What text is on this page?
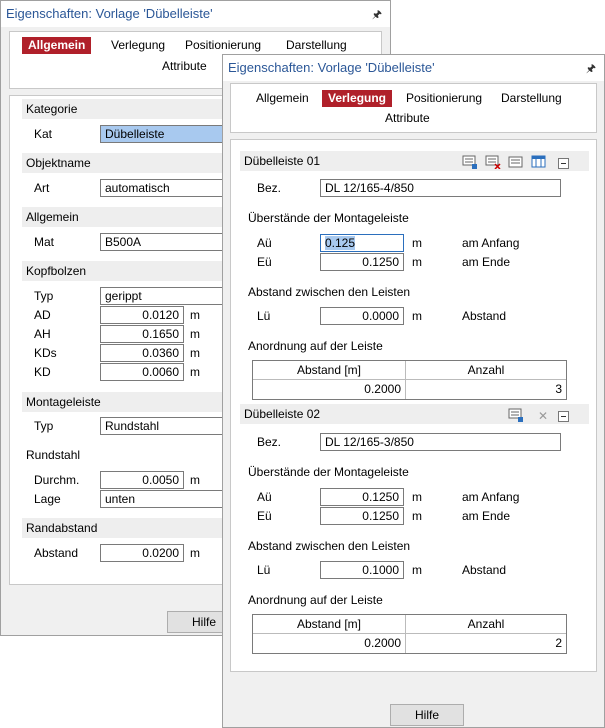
Eigenschaften: Vorlage 'Dübelleiste'	🖈
Allgemein	Verlegung	Positionierung	Darstellung
Attribute
Kategorie
Kat	Dübelleiste
Objektname
Art	automatisch
Allgemein
Mat	B500A
Kopfbolzen
Typ	gerippt
AD	0.0120 m
AH	0.1650 m
KDs	0.0360 m
KD	0.0060 m
Montageleiste
Typ	Rundstahl
Rundstahl
Durchm.	0.0050 m
Lage	unten
Randabstand
Abstand	0.0200 m
Hilfe
Eigenschaften: Vorlage 'Dübelleiste'	🖈
Allgemein	Verlegung	Positionierung	Darstellung
Attribute
Dübelleiste 01
Bez.	DL 12/165-4/850
Überstände der Montageleiste
Aü	0.125	m	am Anfang
Eü	0.1250	m	am Ende
Abstand zwischen den Leisten
Lü	0.0000	m	Abstand
Anordnung auf der Leiste
Abstand [m]	Anzahl
0.2000	3
Dübelleiste 02	✕
Bez.	DL 12/165-3/850
Überstände der Montageleiste
Aü	0.1250	m	am Anfang
Eü	0.1250	m	am Ende
Abstand zwischen den Leisten
Lü	0.1000	m	Abstand
Anordnung auf der Leiste
Abstand [m]	Anzahl
0.2000	2
Hilfe
